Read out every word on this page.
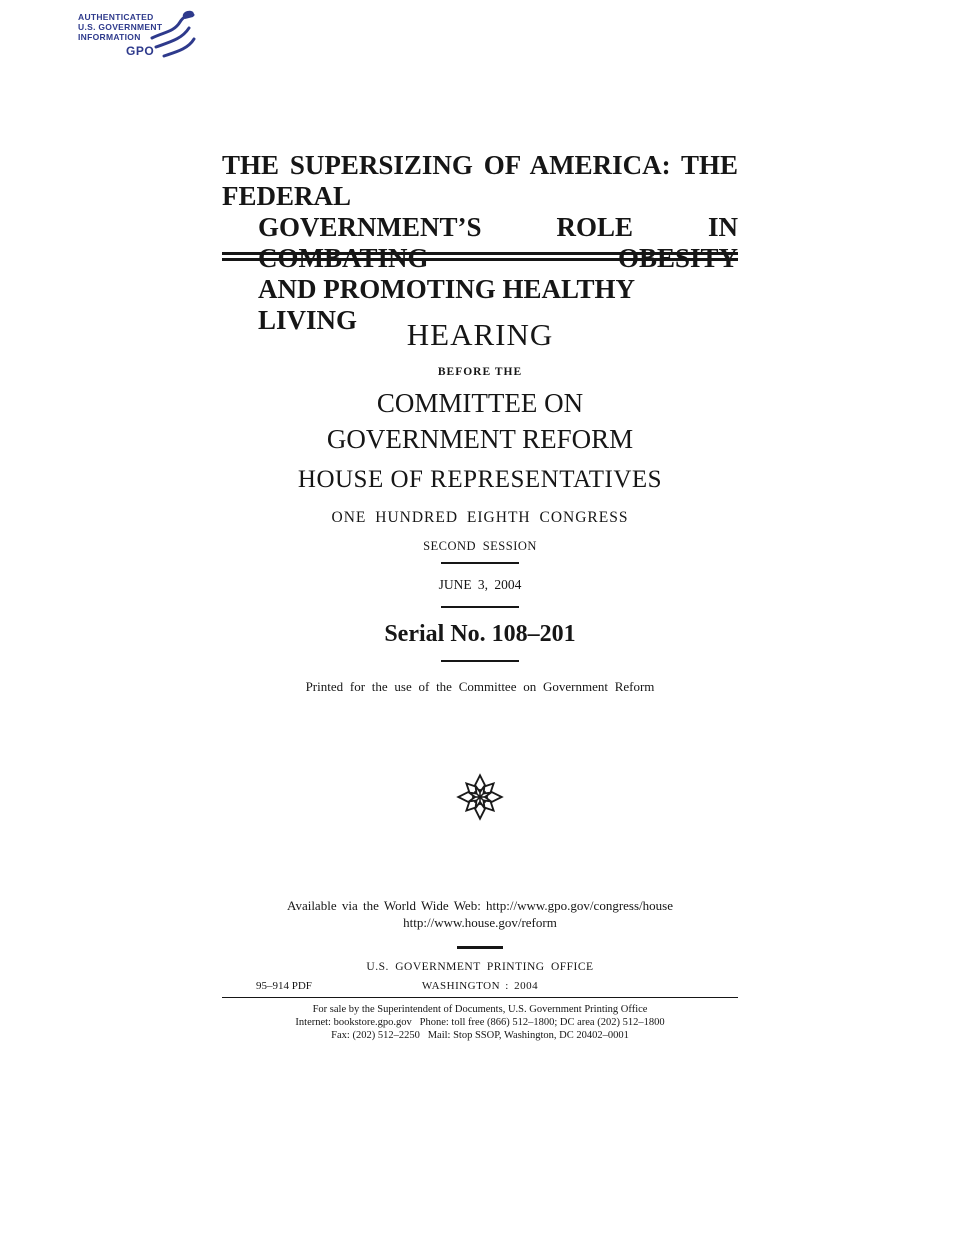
AUTHENTICATED
U.S. GOVERNMENT
INFORMATION
GPO
THE SUPERSIZING OF AMERICA: THE FEDERAL
GOVERNMENT’S ROLE IN COMBATING OBESITY
AND PROMOTING HEALTHY LIVING	HEARING
BEFORE THE
COMMITTEE ON
GOVERNMENT REFORM
HOUSE OF REPRESENTATIVES
ONE HUNDRED EIGHTH CONGRESS
SECOND SESSION
JUNE 3, 2004
Serial No. 108–201
Printed for the use of the Committee on Government Reform
Available via the World Wide Web: http://www.gpo.gov/congress/house
http://www.house.gov/reform
U.S. GOVERNMENT PRINTING OFFICE
95–914 PDF	WASHINGTON : 2004
For sale by the Superintendent of Documents, U.S. Government Printing Office
Internet: bookstore.gpo.gov   Phone: toll free (866) 512–1800; DC area (202) 512–1800
Fax: (202) 512–2250   Mail: Stop SSOP, Washington, DC 20402–0001
